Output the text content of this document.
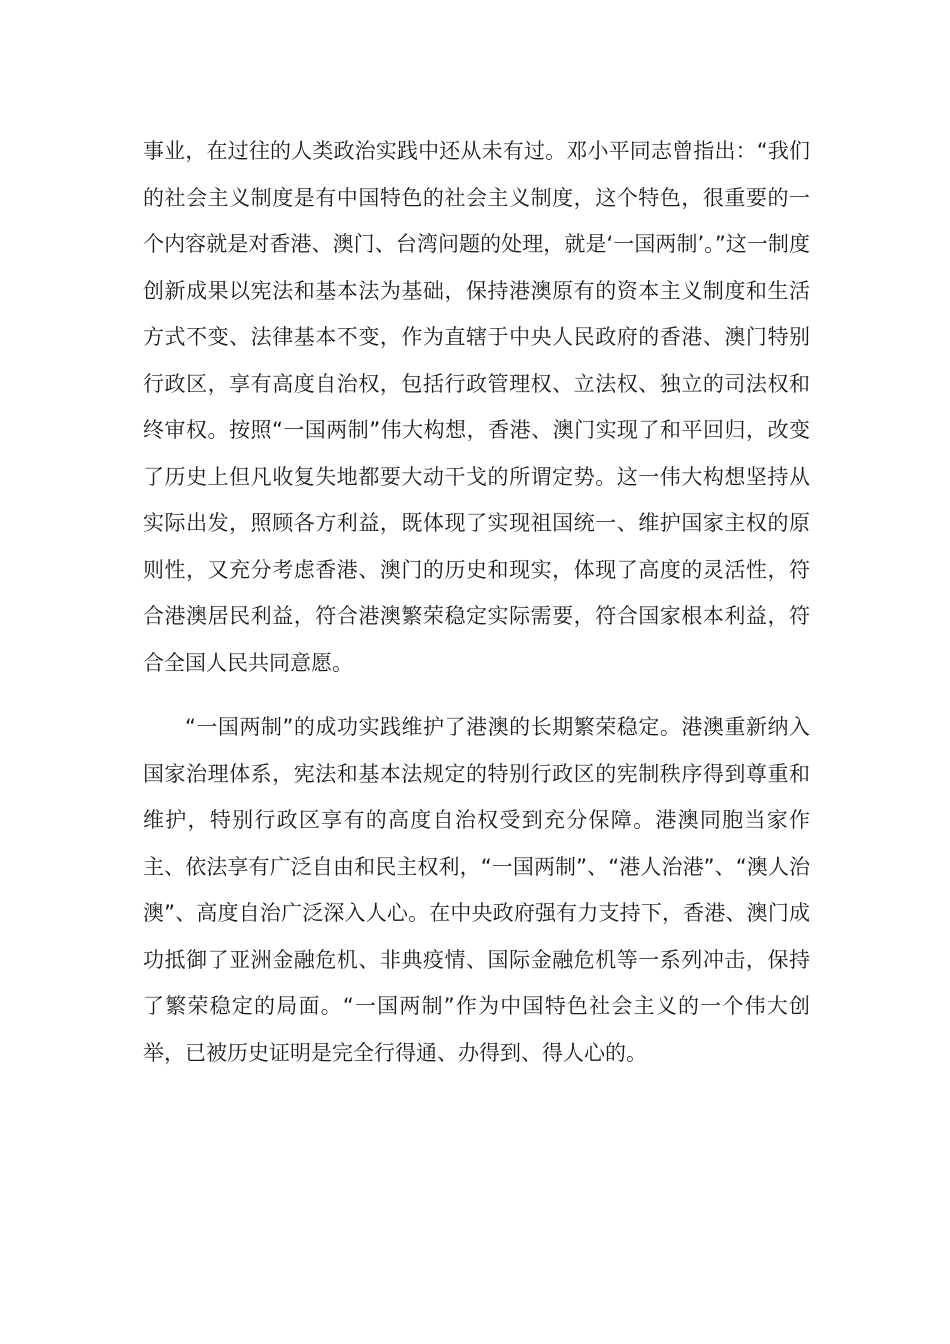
事业，在过往的人类政治实践中还从未有过。邓小平同志曾指出：“我们的社会主义制度是有中国特色的社会主义制度，这个特色，很重要的一个内容就是对香港、澳门、台湾问题的处理，就是‘一国两制’。”这一制度创新成果以宪法和基本法为基础，保持港澳原有的资本主义制度和生活方式不变、法律基本不变，作为直辖于中央人民政府的香港、澳门特别行政区，享有高度自治权，包括行政管理权、立法权、独立的司法权和终审权。按照“一国两制”伟大构想，香港、澳门实现了和平回归，改变了历史上但凡收复失地都要大动干戈的所谓定势。这一伟大构想坚持从实际出发，照顾各方利益，既体现了实现祖国统一、维护国家主权的原则性，又充分考虑香港、澳门的历史和现实，体现了高度的灵活性，符合港澳居民利益，符合港澳繁荣稳定实际需要，符合国家根本利益，符合全国人民共同意愿。

“一国两制”的成功实践维护了港澳的长期繁荣稳定。港澳重新纳入国家治理体系，宪法和基本法规定的特别行政区的宪制秩序得到尊重和维护，特别行政区享有的高度自治权受到充分保障。港澳同胞当家作主、依法享有广泛自由和民主权利，“一国两制”、“港人治港”、“澳人治澳”、高度自治广泛深入人心。在中央政府强有力支持下，香港、澳门成功抵御了亚洲金融危机、非典疫情、国际金融危机等一系列冲击，保持了繁荣稳定的局面。“一国两制”作为中国特色社会主义的一个伟大创举，已被历史证明是完全行得通、办得到、得人心的。
